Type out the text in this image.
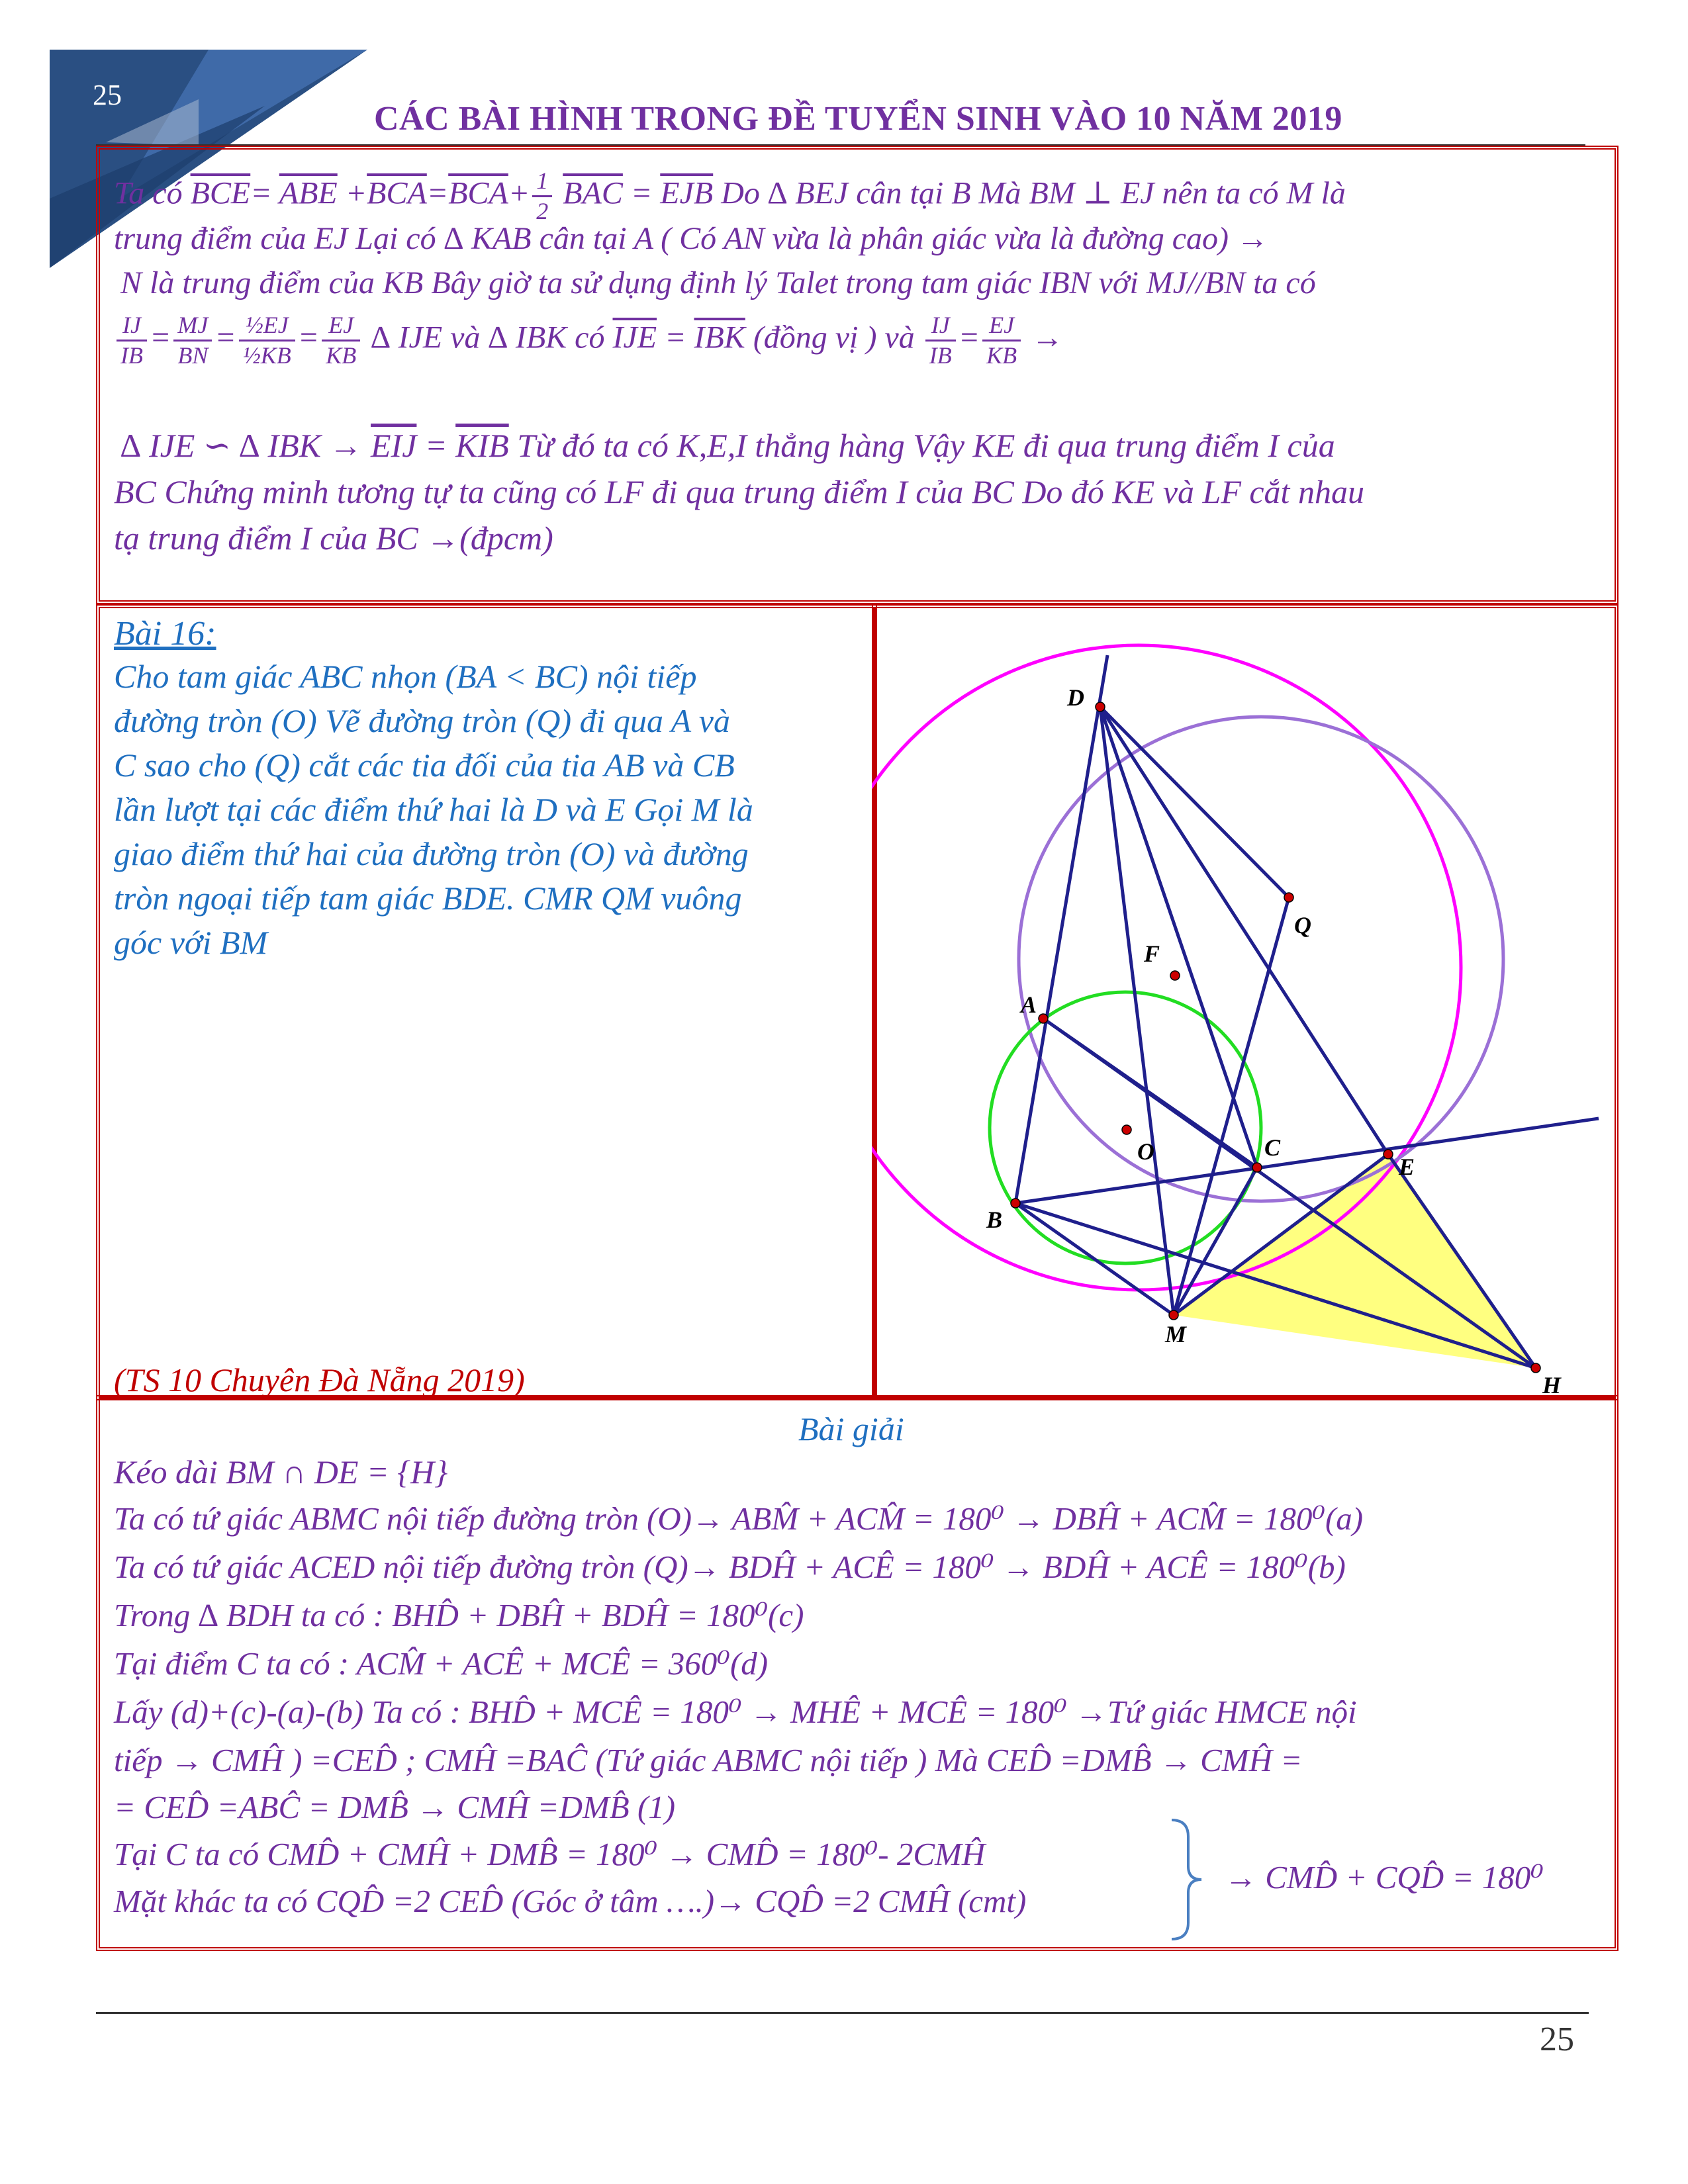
25
CÁC BÀI HÌNH TRONG ĐỀ TUYỂN SINH VÀO 10 NĂM 2019
Ta có $\overline{BCE}= \overline{ABE} +\overline{BCA}=\overline{BCA}+ \frac{1}{2} \overline{BAC} = \overline{EJB}$ Do ∆ BEJ cân tại B Mà BM ⊥ EJ nên ta có M là
trung điểm của EJ Lại có ∆ KAB cân tại A ( Có AN vừa là phân giác vừa là đường cao) →
N là trung điểm của KB Bây giờ ta sử dụng định lý Talet trong tam giác IBN với MJ//BN ta có
$\frac{IJ}{IB} = \frac{MJ}{BN} = \frac{\text{½EJ}}{\text{½KB}} = \frac{EJ}{KB}$ ∆ IJE và ∆ IBK có $\overline{IJE} = \overline{IBK}$ (đồng vị ) và $\frac{IJ}{IB} = \frac{EJ}{KB}$ →
∆ IJE ∽ ∆ IBK → $\overline{EIJ} = \overline{KIB}$ Từ đó ta có K,E,I thẳng hàng Vậy KE đi qua trung điểm I của
BC Chứng minh tương tự ta cũng có LF đi qua trung điểm I của BC Do đó KE và LF cắt nhau
tạ trung điểm I của BC →(đpcm)
Bài 16:
Cho tam giác ABC nhọn (BA < BC) nội tiếp
đường tròn (O) Vẽ đường tròn (Q) đi qua A và
C sao cho (Q) cắt các tia đối của tia AB và CB
lần lượt tại các điểm thứ hai là D và E Gọi M là
giao điểm thứ hai của đường tròn (O) và đường
tròn ngoại tiếp tam giác BDE. CMR QM vuông
góc với BM
(TS 10 Chuyên Đà Nẵng 2019)
D
Q
F
A
O	C
E
B
M
H
Bài giải
Kéo dài BM ∩ DE = {H}
Ta có tứ giác ABMC nội tiếp đường tròn (O)→ ABM̂ + ACM̂ = 180⁰ → DBĤ + ACM̂ = 180⁰(a)
Ta có tứ giác ACED nội tiếp đường tròn (Q)→ BDĤ + ACÊ = 180⁰ → BDĤ + ACÊ = 180⁰(b)
Trong ∆ BDH ta có : BHD̂ + DBĤ + BDĤ = 180⁰(c)
Tại điểm C ta có : ACM̂ + ACÊ + MCÊ = 360⁰(d)
Lấy (d)+(c)-(a)-(b) Ta có : BHD̂ + MCÊ = 180⁰ → MHÊ + MCÊ = 180⁰ →Tứ giác HMCE nội
tiếp → CMĤ ) =CED̂ ; CMĤ =BAĈ (Tứ giác ABMC nội tiếp ) Mà CED̂ =DMB̂ → CMĤ =
= CED̂ =ABĈ = DMB̂ → CMĤ =DMB̂ (1)
Tại C ta có CMD̂ + CMĤ + DMB̂ = 180⁰ → CMD̂ = 180⁰- 2CMĤ
Mặt khác ta có CQD̂ =2 CED̂ (Góc ở tâm ….)→ CQD̂ =2 CMĤ (cmt)
→ CMD̂ + CQD̂ = 180⁰
25
